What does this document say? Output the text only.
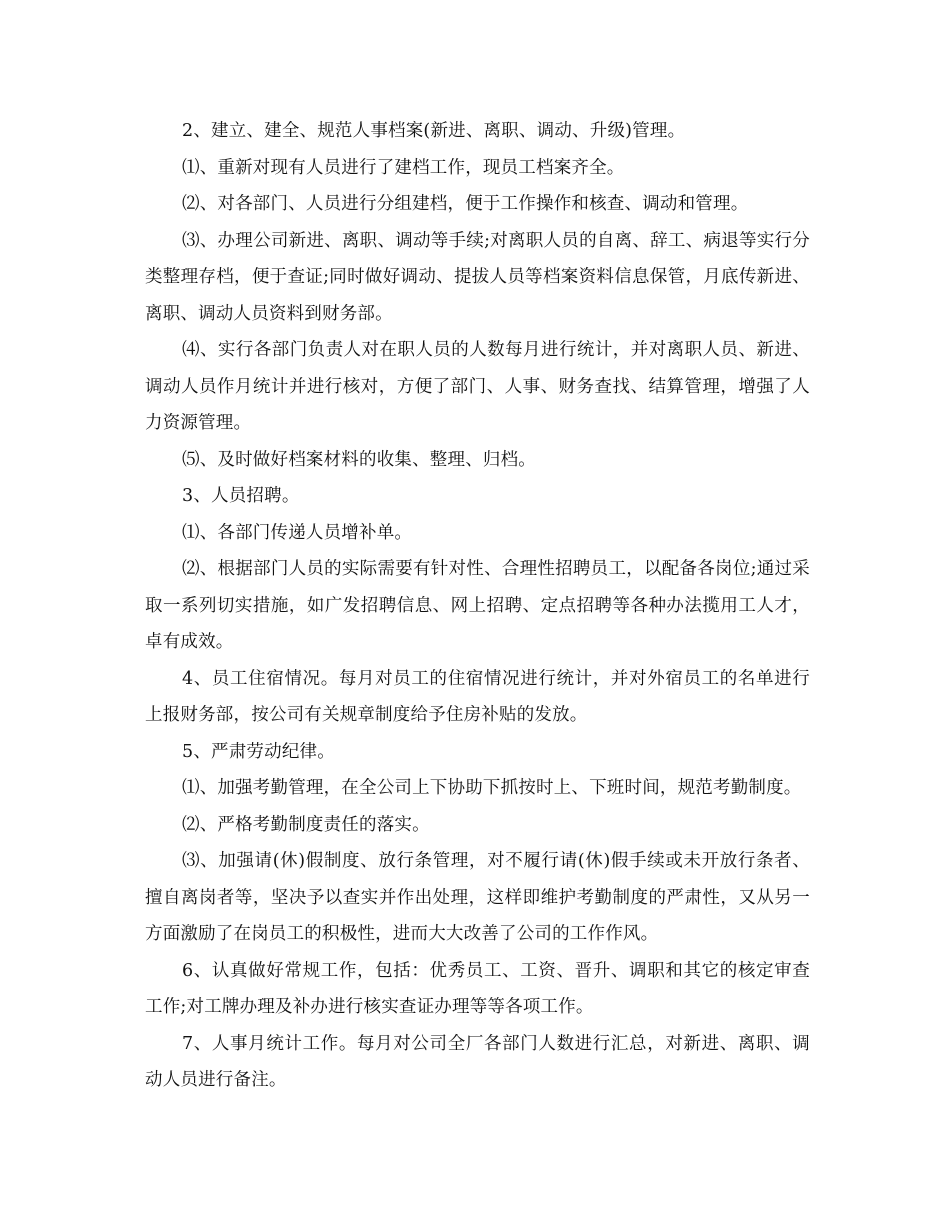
2、建立、建全、规范人事档案(新进、离职、调动、升级)管理。

⑴、重新对现有人员进行了建档工作，现员工档案齐全。

⑵、对各部门、人员进行分组建档，便于工作操作和核查、调动和管理。

⑶、办理公司新进、离职、调动等手续;对离职人员的自离、辞工、病退等实行分类整理存档，便于查证;同时做好调动、提拔人员等档案资料信息保管，月底传新进、离职、调动人员资料到财务部。

⑷、实行各部门负责人对在职人员的人数每月进行统计，并对离职人员、新进、调动人员作月统计并进行核对，方便了部门、人事、财务查找、结算管理，增强了人力资源管理。

⑸、及时做好档案材料的收集、整理、归档。

3、人员招聘。

⑴、各部门传递人员增补单。

⑵、根据部门人员的实际需要有针对性、合理性招聘员工，以配备各岗位;通过采取一系列切实措施，如广发招聘信息、网上招聘、定点招聘等各种办法揽用工人才，卓有成效。

4、员工住宿情况。每月对员工的住宿情况进行统计，并对外宿员工的名单进行上报财务部，按公司有关规章制度给予住房补贴的发放。

5、严肃劳动纪律。

⑴、加强考勤管理，在全公司上下协助下抓按时上、下班时间，规范考勤制度。

⑵、严格考勤制度责任的落实。

⑶、加强请(休)假制度、放行条管理，对不履行请(休)假手续或未开放行条者、擅自离岗者等，坚决予以查实并作出处理，这样即维护考勤制度的严肃性，又从另一方面激励了在岗员工的积极性，进而大大改善了公司的工作作风。

6、认真做好常规工作，包括：优秀员工、工资、晋升、调职和其它的核定审查工作;对工牌办理及补办进行核实查证办理等等各项工作。

7、人事月统计工作。每月对公司全厂各部门人数进行汇总，对新进、离职、调动人员进行备注。
